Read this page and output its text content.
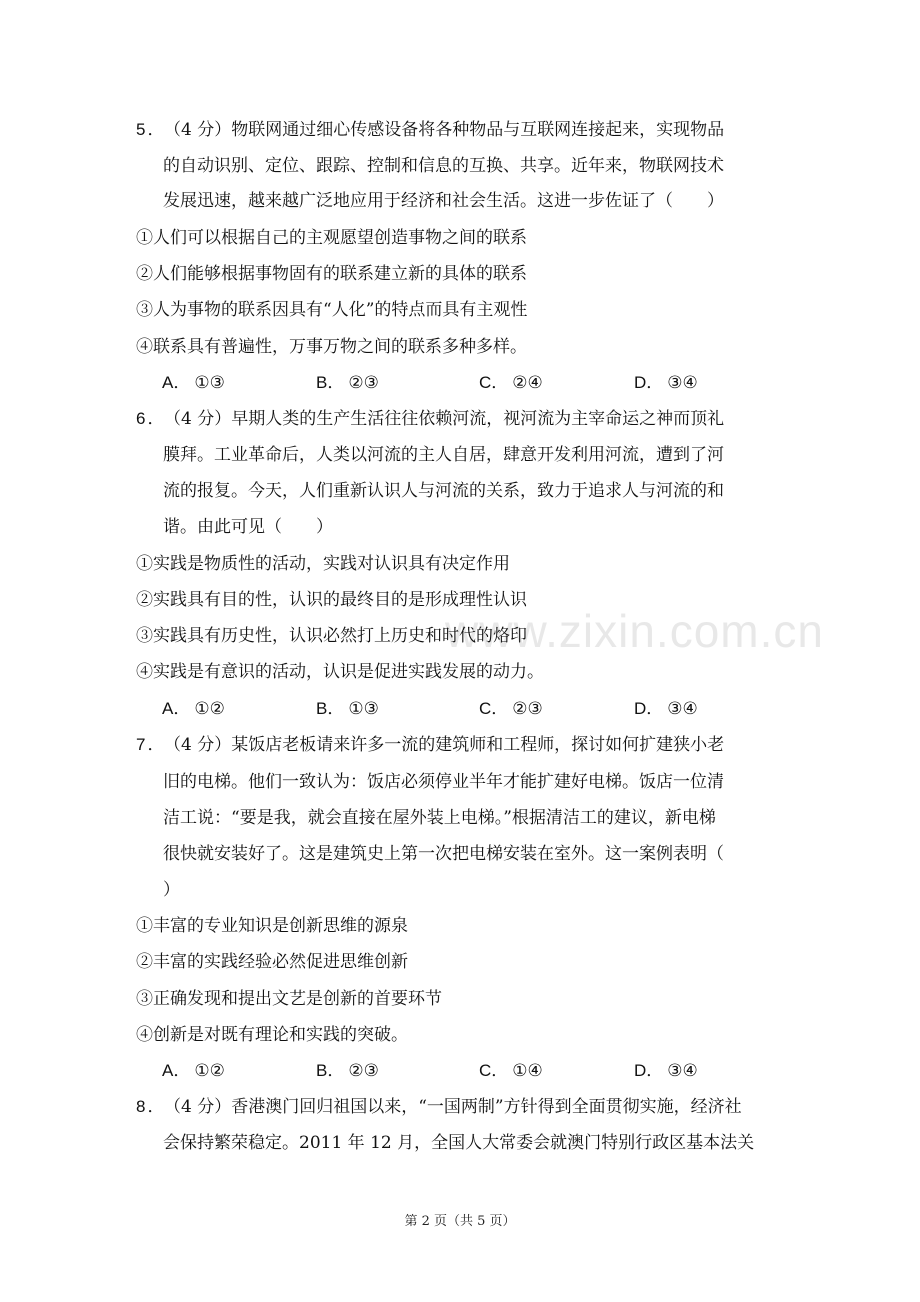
www.zixin.com.cn
5． （4 分）物联网通过细心传感设备将各种物品与互联网连接起来，实现物品
的自动识别、定位、跟踪、控制和信息的互换、共享。近年来，物联网技术
发展迅速，越来越广泛地应用于经济和社会生活。这进一步佐证了（　　）
①人们可以根据自己的主观愿望创造事物之间的联系
②人们能够根据事物固有的联系建立新的具体的联系
③人为事物的联系因具有“人化”的特点而具有主观性
④联系具有普遍性，万事万物之间的联系多种多样。
A． ①③	B． ②③	C． ②④	D． ③④
6． （4 分）早期人类的生产生活往往依赖河流，视河流为主宰命运之神而顶礼
膜拜。工业革命后，人类以河流的主人自居，肆意开发利用河流，遭到了河
流的报复。今天，人们重新认识人与河流的关系，致力于追求人与河流的和
谐。由此可见（　　）
①实践是物质性的活动，实践对认识具有决定作用
②实践具有目的性，认识的最终目的是形成理性认识
③实践具有历史性，认识必然打上历史和时代的烙印
④实践是有意识的活动，认识是促进实践发展的动力。
A． ①②	B． ①③	C． ②③	D． ③④
7． （4 分）某饭店老板请来许多一流的建筑师和工程师，探讨如何扩建狭小老
旧的电梯。他们一致认为：饭店必须停业半年才能扩建好电梯。饭店一位清
洁工说：“要是我，就会直接在屋外装上电梯。”根据清洁工的建议，新电梯
很快就安装好了。这是建筑史上第一次把电梯安装在室外。这一案例表明（
）
①丰富的专业知识是创新思维的源泉
②丰富的实践经验必然促进思维创新
③正确发现和提出文艺是创新的首要环节
④创新是对既有理论和实践的突破。
A． ①②	B． ②③	C． ①④	D． ③④
8． （4 分）香港澳门回归祖国以来，“一国两制”方针得到全面贯彻实施，经济社
会保持繁荣稳定。2011 年 12 月，全国人大常委会就澳门特别行政区基本法关
第 2 页（共 5 页）
